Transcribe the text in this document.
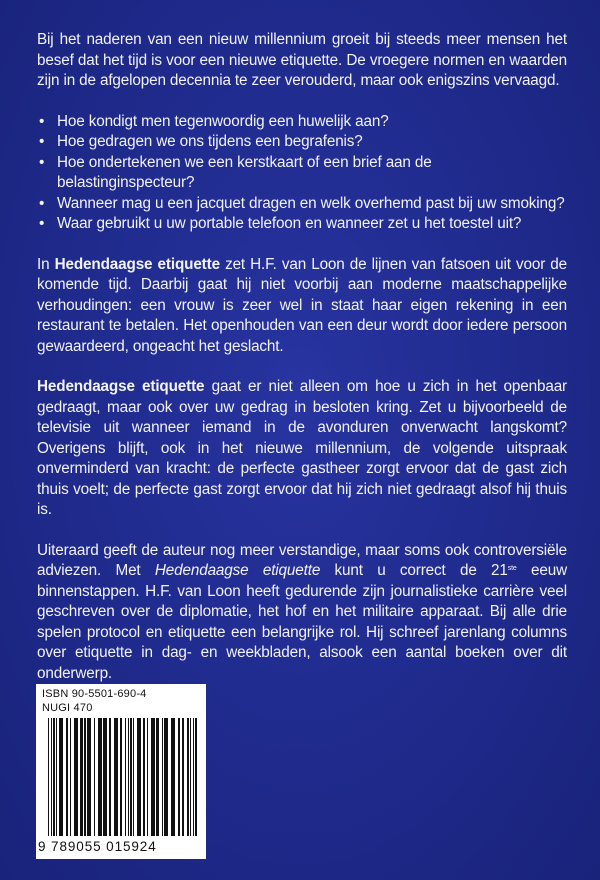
Bij het naderen van een nieuw millennium groeit bij steeds meer mensen het besef dat het tijd is voor een nieuwe etiquette. De vroegere normen en waarden zijn in de afgelopen decennia te zeer verouderd, maar ook enigszins vervaagd.

• Hoe kondigt men tegenwoordig een huwelijk aan?
• Hoe gedragen we ons tijdens een begrafenis?
• Hoe ondertekenen we een kerstkaart of een brief aan de belastinginspecteur?
• Wanneer mag u een jacquet dragen en welk overhemd past bij uw smoking?
• Waar gebruikt u uw portable telefoon en wanneer zet u het toestel uit?

In Hedendaagse etiquette zet H.F. van Loon de lijnen van fatsoen uit voor de komende tijd. Daarbij gaat hij niet voorbij aan moderne maatschappelijke verhoudingen: een vrouw is zeer wel in staat haar eigen rekening in een restaurant te betalen. Het openhouden van een deur wordt door iedere persoon gewaardeerd, ongeacht het geslacht.

Hedendaagse etiquette gaat er niet alleen om hoe u zich in het openbaar gedraagt, maar ook over uw gedrag in besloten kring. Zet u bijvoorbeeld de televisie uit wanneer iemand in de avonduren onverwacht langskomt? Overigens blijft, ook in het nieuwe millennium, de volgende uitspraak onverminderd van kracht: de perfecte gastheer zorgt ervoor dat de gast zich thuis voelt; de perfecte gast zorgt ervoor dat hij zich niet gedraagt alsof hij thuis is.

Uiteraard geeft de auteur nog meer verstandige, maar soms ook controversiële adviezen. Met Hedendaagse etiquette kunt u correct de 21ste eeuw binnenstappen. H.F. van Loon heeft gedurende zijn journalistieke carrière veel geschreven over de diplomatie, het hof en het militaire apparaat. Bij alle drie spelen protocol en etiquette een belangrijke rol. Hij schreef jarenlang columns over etiquette in dag- en weekbladen, alsook een aantal boeken over dit onderwerp.

ISBN 90-5501-690-4
NUGI 470
9 789055 015924
